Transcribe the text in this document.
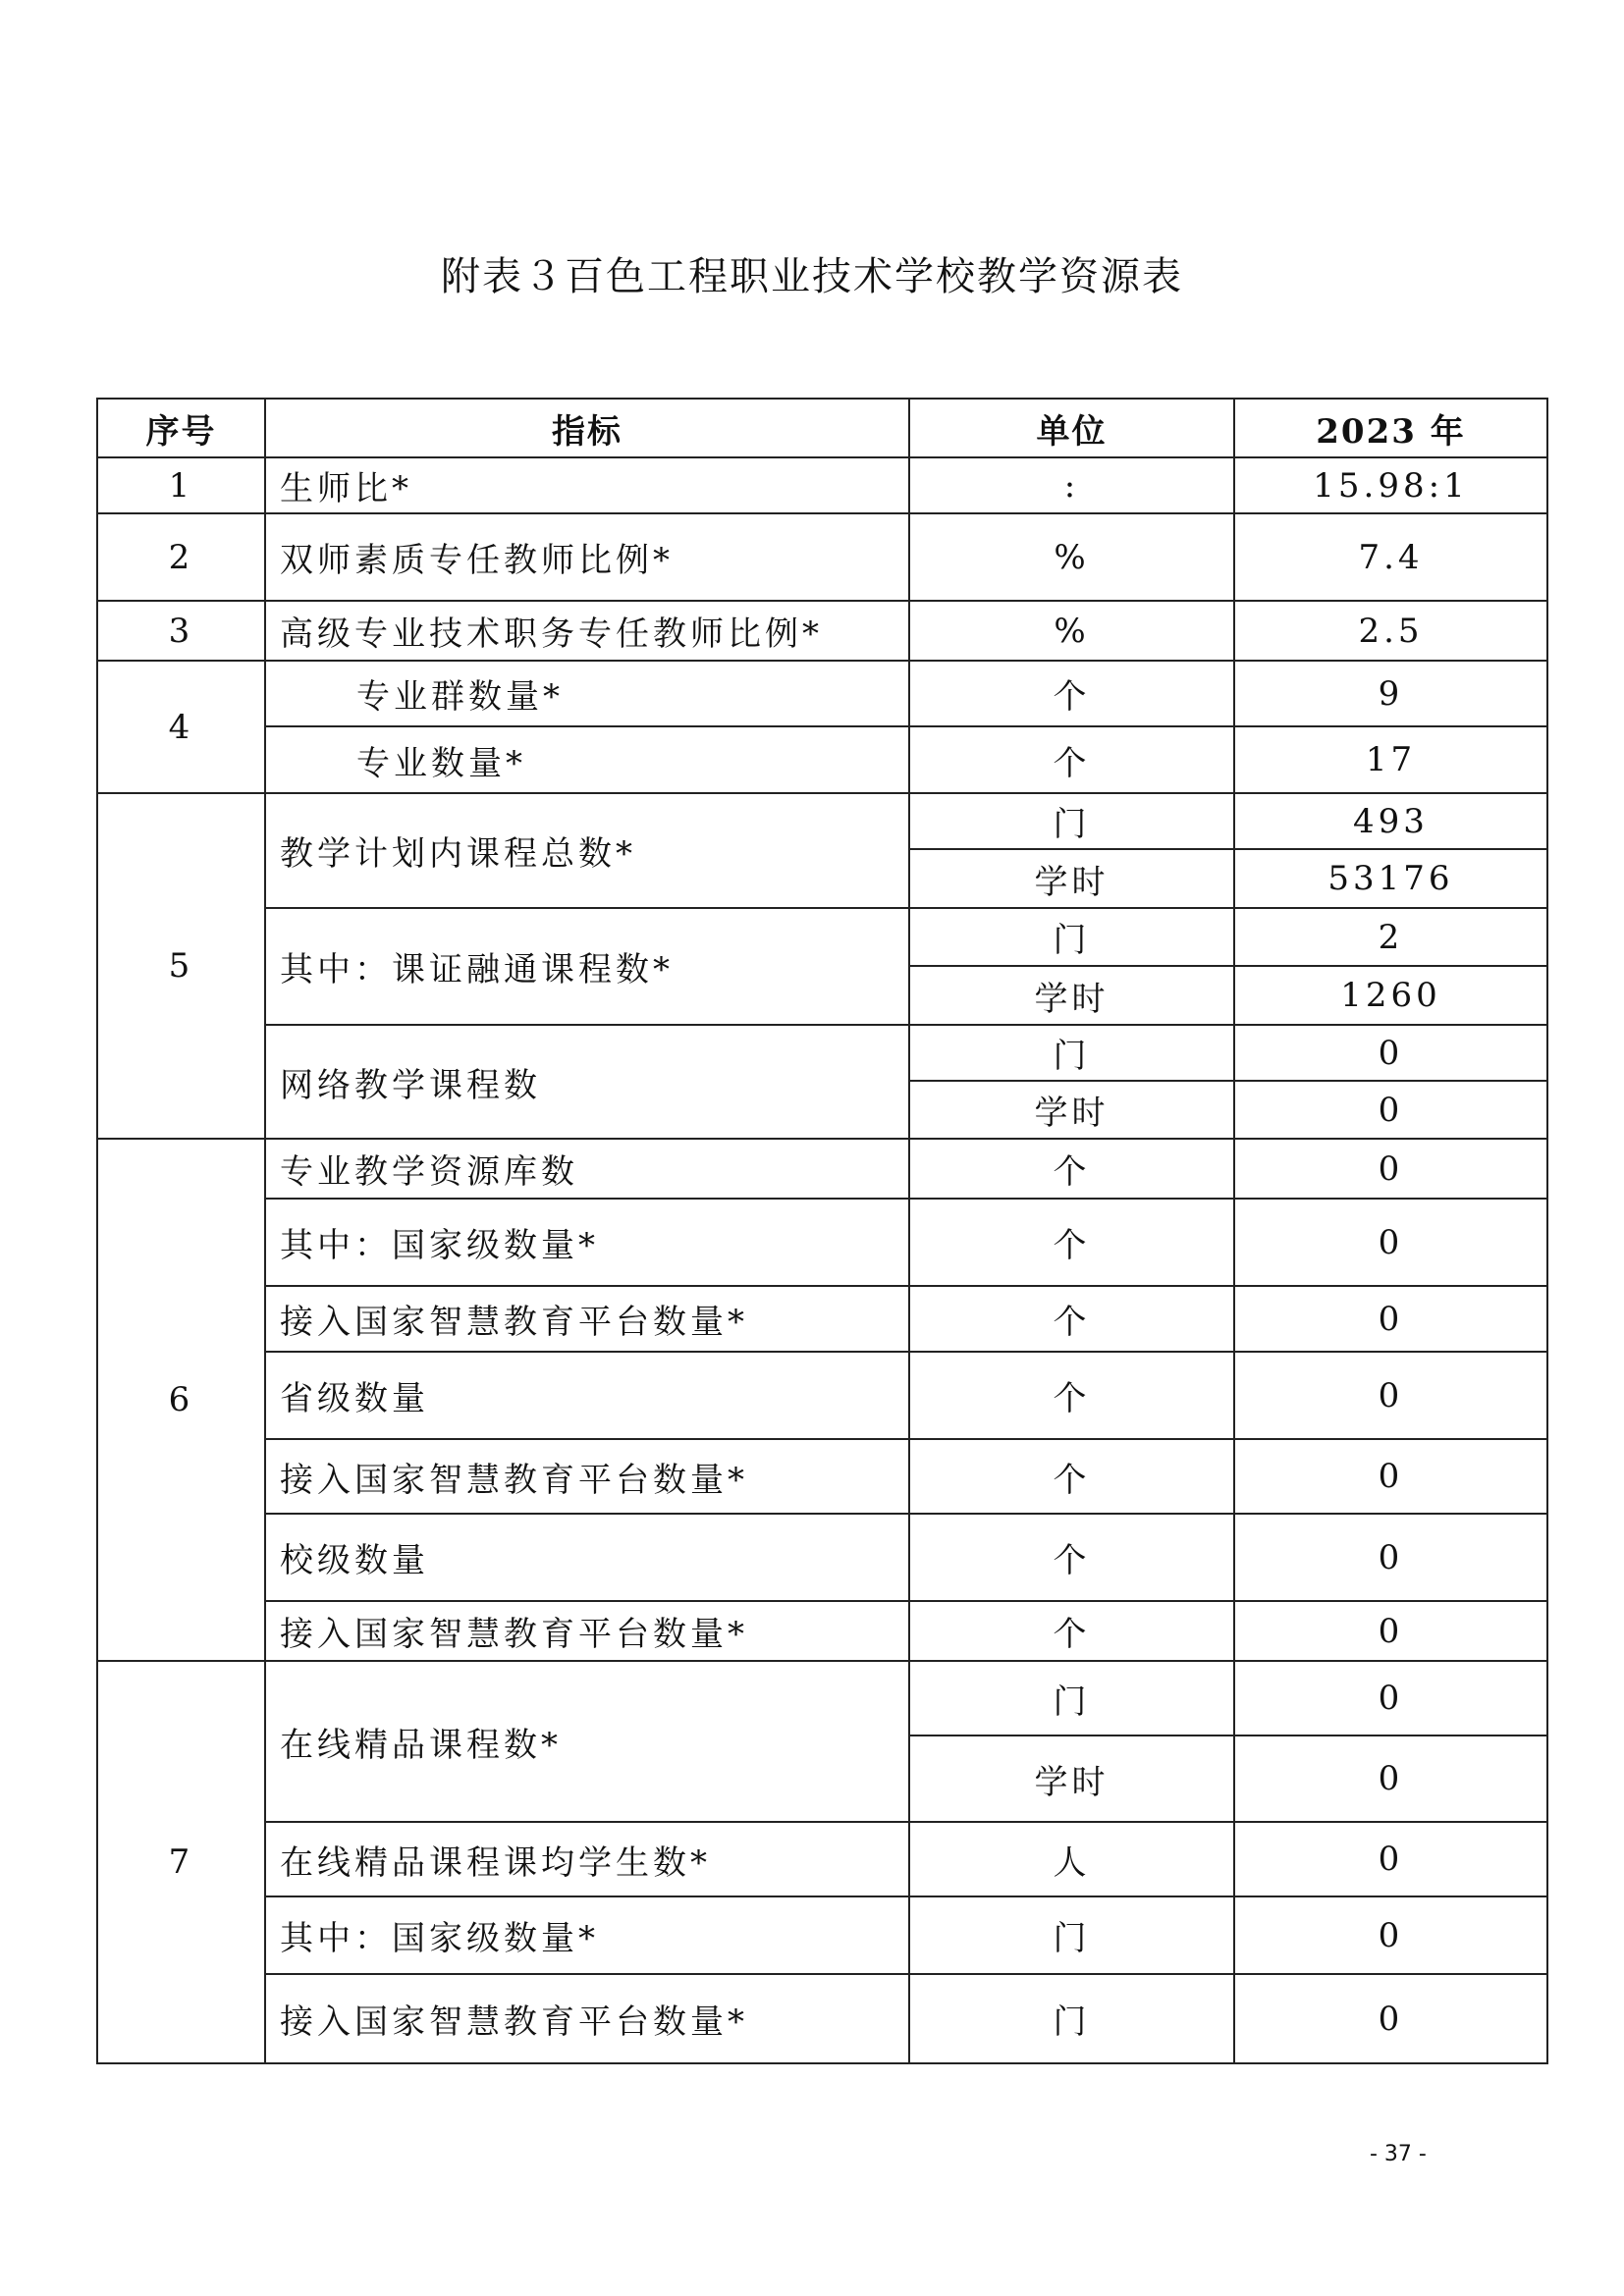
附表３百色工程职业技术学校教学资源表
序号	指标	单位	2023 年
1	生师比*	:	15.98:1
2	双师素质专任教师比例*	%	7.4
3	高级专业技术职务专任教师比例*	%	2.5
4	专业群数量*	个	9
	专业数量*	个	17
5	教学计划内课程总数*	门	493
		学时	53176
	其中：课证融通课程数*	门	2
		学时	1260
	网络教学课程数	门	0
		学时	0
6	专业教学资源库数	个	0
	其中：国家级数量*	个	0
	接入国家智慧教育平台数量*	个	0
	省级数量	个	0
	接入国家智慧教育平台数量*	个	0
	校级数量	个	0
	接入国家智慧教育平台数量*	个	0
7	在线精品课程数*	门	0
		学时	0
	在线精品课程课均学生数*	人	0
	其中：国家级数量*	门	0
	接入国家智慧教育平台数量*	门	0
- 37 -
